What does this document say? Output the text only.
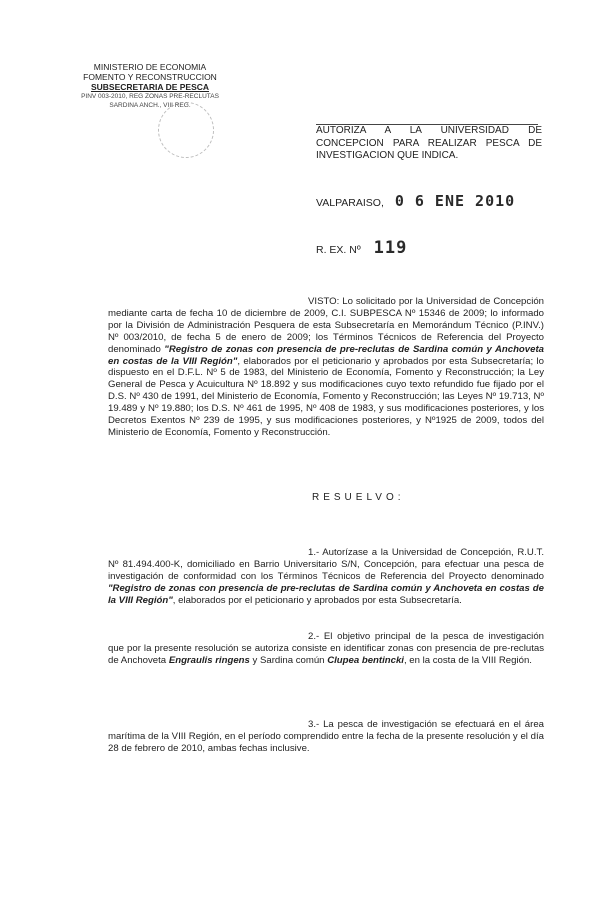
MINISTERIO DE ECONOMIA
FOMENTO Y RECONSTRUCCION
SUBSECRETARIA DE PESCA
PINV 003-2010, REG ZONAS PRE-RECLUTAS
SARDINA ANCH., VIII REG.
AUTORIZA A LA UNIVERSIDAD DE CONCEPCION PARA REALIZAR PESCA DE INVESTIGACION QUE INDICA.
VALPARAISO, 0 6 ENE 2010
R. EX. Nº 119
VISTO: Lo solicitado por la Universidad de Concepción mediante carta de fecha 10 de diciembre de 2009, C.I. SUBPESCA Nº 15346 de 2009; lo informado por la División de Administración Pesquera de esta Subsecretaría en Memorándum Técnico (P.INV.) Nº 003/2010, de fecha 5 de enero de 2009; los Términos Técnicos de Referencia del Proyecto denominado "Registro de zonas con presencia de pre-reclutas de Sardina común y Anchoveta en costas de la VIII Región", elaborados por el peticionario y aprobados por esta Subsecretaría; lo dispuesto en el D.F.L. Nº 5 de 1983, del Ministerio de Economía, Fomento y Reconstrucción; la Ley General de Pesca y Acuicultura Nº 18.892 y sus modificaciones cuyo texto refundido fue fijado por el D.S. Nº 430 de 1991, del Ministerio de Economía, Fomento y Reconstrucción; las Leyes Nº 19.713, Nº 19.489 y Nº 19.880; los D.S. Nº 461 de 1995, Nº 408 de 1983, y sus modificaciones posteriores, y los Decretos Exentos Nº 239 de 1995, y sus modificaciones posteriores, y Nº1925 de 2009, todos del Ministerio de Economía, Fomento y Reconstrucción.
RESUELVO:
1.- Autorízase a la Universidad de Concepción, R.U.T. Nº 81.494.400-K, domiciliado en Barrio Universitario S/N, Concepción, para efectuar una pesca de investigación de conformidad con los Términos Técnicos de Referencia del Proyecto denominado "Registro de zonas con presencia de pre-reclutas de Sardina común y Anchoveta en costas de la VIII Región", elaborados por el peticionario y aprobados por esta Subsecretaría.
2.- El objetivo principal de la pesca de investigación que por la presente resolución se autoriza consiste en identificar zonas con presencia de pre-reclutas de Anchoveta Engraulis ringens y Sardina común Clupea bentincki, en la costa de la VIII Región.
3.- La pesca de investigación se efectuará en el área marítima de la VIII Región, en el período comprendido entre la fecha de la presente resolución y el día 28 de febrero de 2010, ambas fechas inclusive.
